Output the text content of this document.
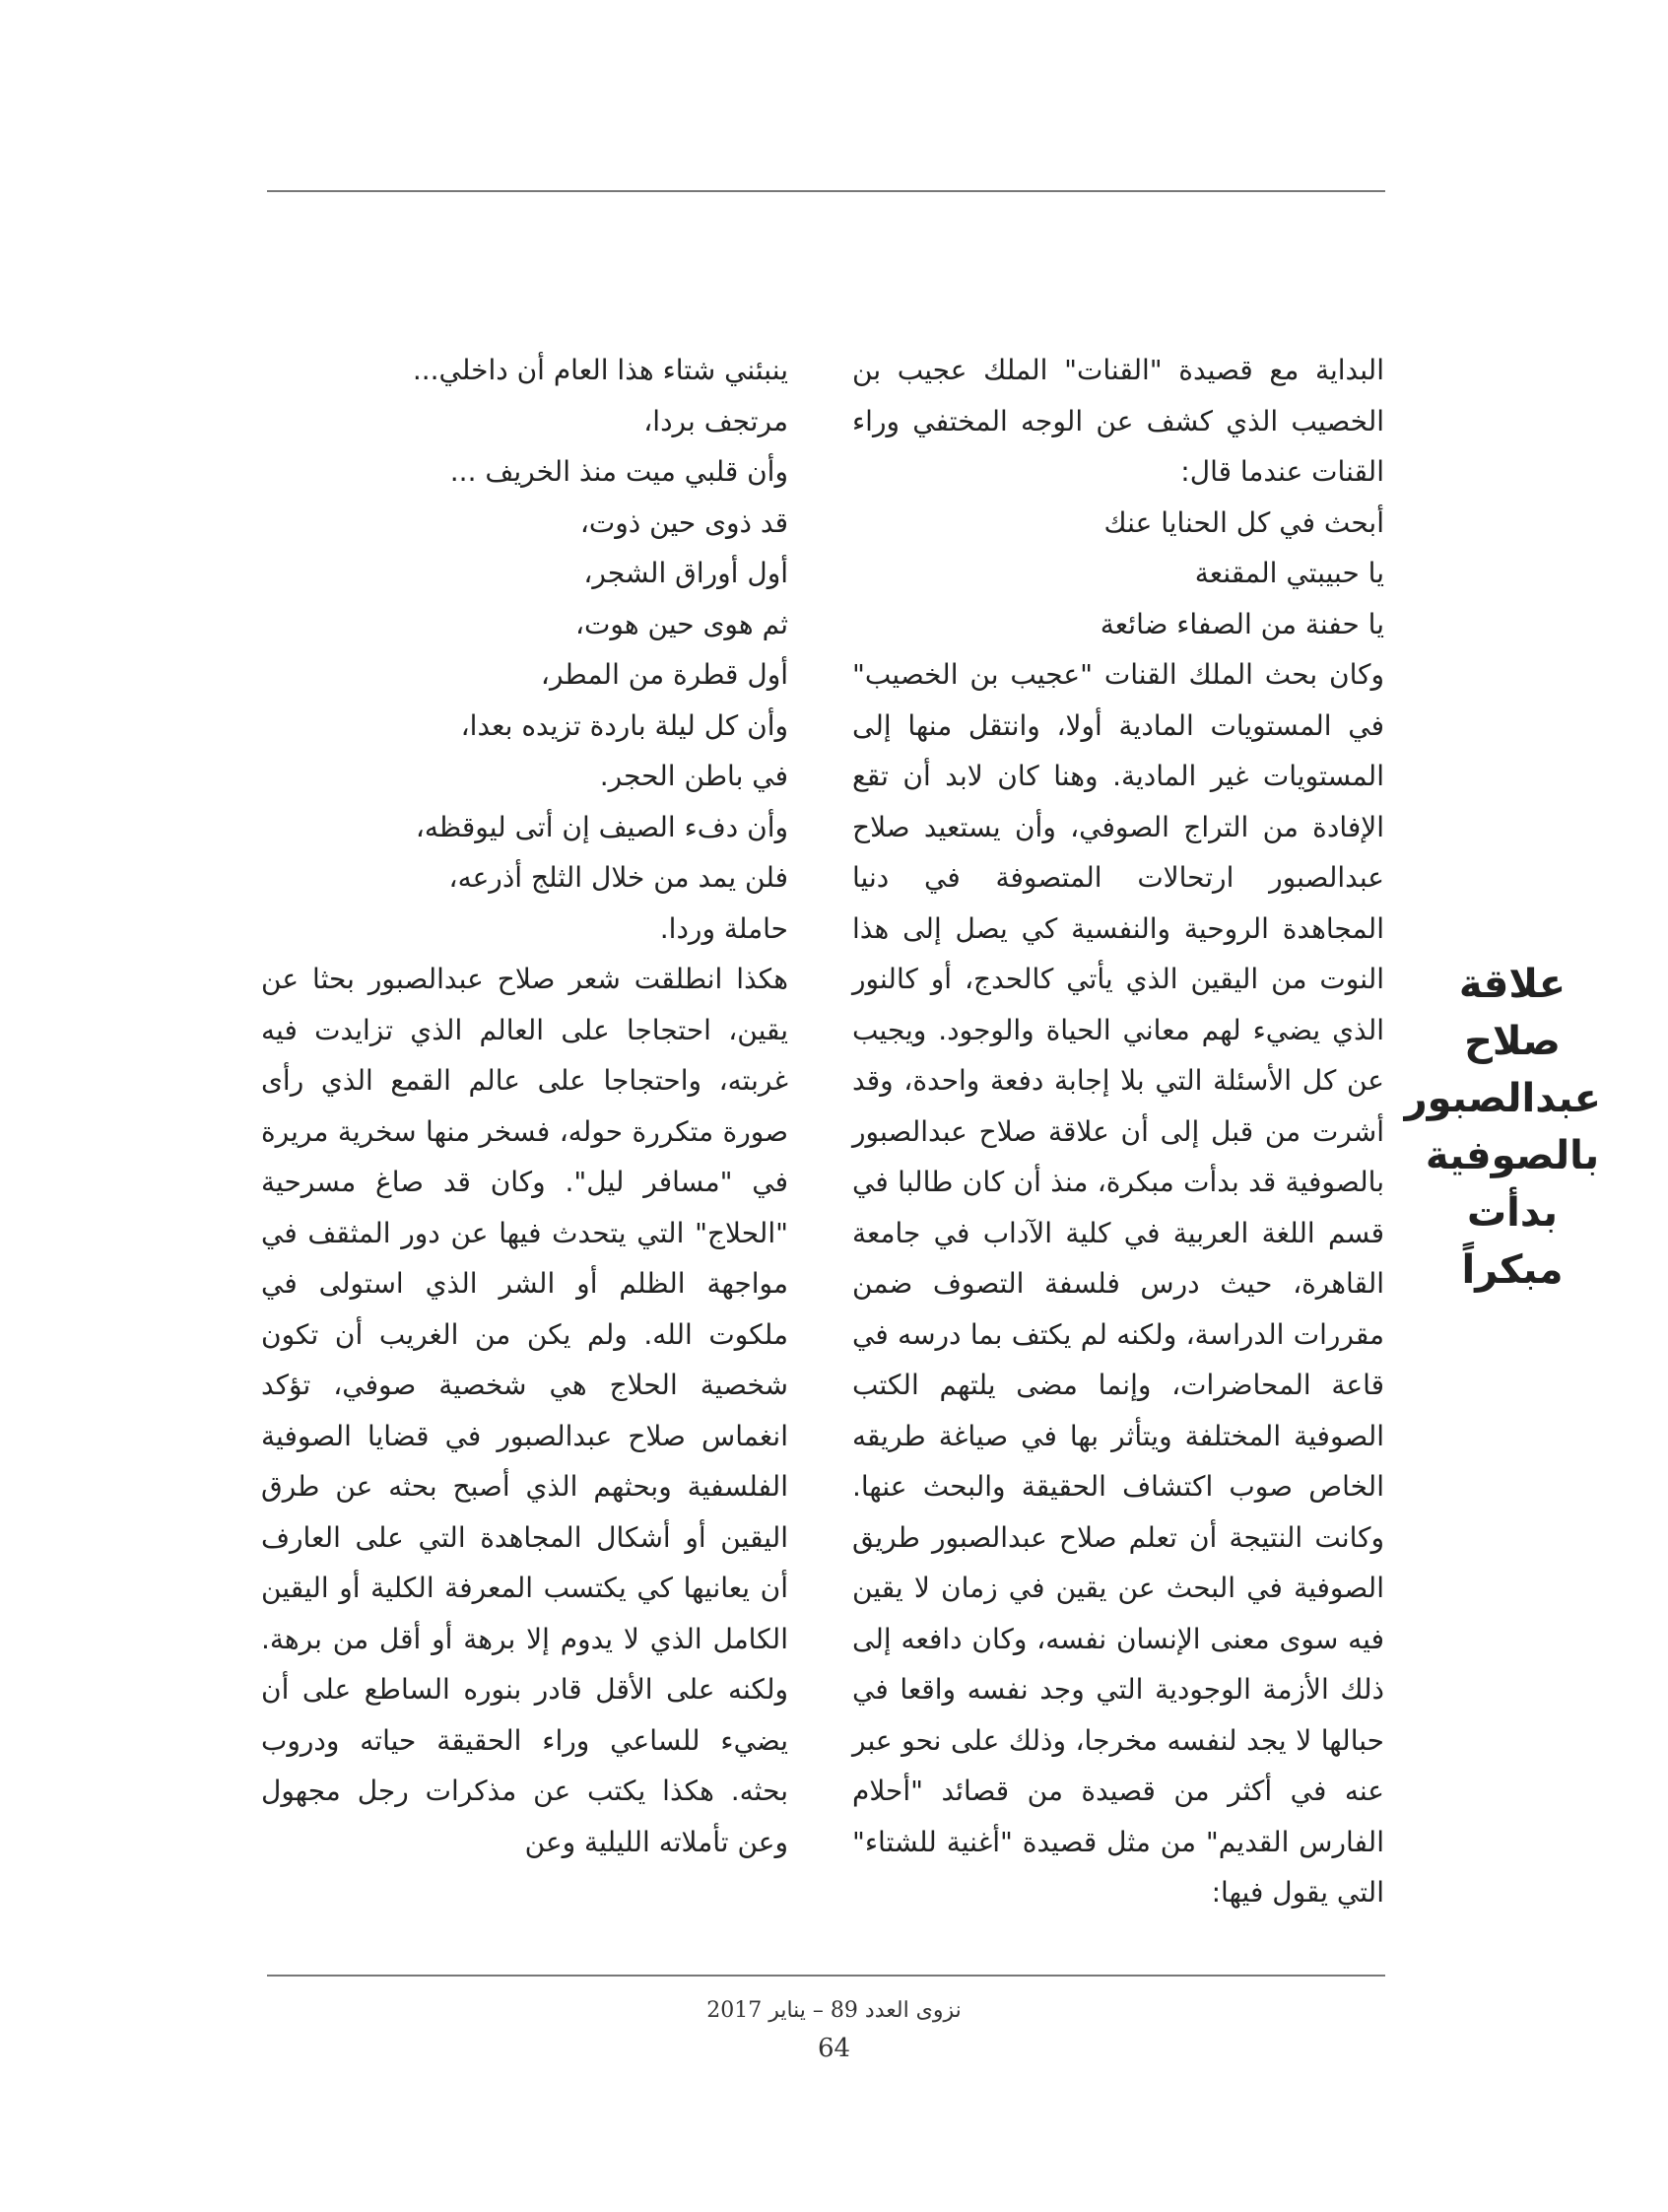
علاقة
صلاح
عبدالصبور
بالصوفية
بدأت
مبكراً

البداية مع قصيدة "القنات" الملك عجيب بن الخصيب الذي كشف عن الوجه المختفي وراء القنات عندما قال:

أبحث في كل الحنايا عنك

يا حبيبتي المقنعة

يا حفنة من الصفاء ضائعة

وكان بحث الملك القنات "عجيب بن الخصيب" في المستويات المادية أولا، وانتقل منها إلى المستويات غير المادية. وهنا كان لابد أن تقع الإفادة من التراج الصوفي، وأن يستعيد صلاح عبدالصبور ارتحالات المتصوفة في دنيا المجاهدة الروحية والنفسية كي يصل إلى هذا النوت من اليقين الذي يأتي كالحدج، أو كالنور الذي يضيء لهم معاني الحياة والوجود. ويجيب عن كل الأسئلة التي بلا إجابة دفعة واحدة، وقد أشرت من قبل إلى أن علاقة صلاح عبدالصبور بالصوفية قد بدأت مبكرة، منذ أن كان طالبا في قسم اللغة العربية في كلية الآداب في جامعة القاهرة، حيث درس فلسفة التصوف ضمن مقررات الدراسة، ولكنه لم يكتف بما درسه في قاعة المحاضرات، وإنما مضى يلتهم الكتب الصوفية المختلفة ويتأثر بها في صياغة طريقه الخاص صوب اكتشاف الحقيقة والبحث عنها. وكانت النتيجة أن تعلم صلاح عبدالصبور طريق الصوفية في البحث عن يقين في زمان لا يقين فيه سوى معنى الإنسان نفسه، وكان دافعه إلى ذلك الأزمة الوجودية التي وجد نفسه واقعا في حبالها لا يجد لنفسه مخرجا، وذلك على نحو عبر عنه في أكثر من قصيدة من قصائد "أحلام الفارس القديم" من مثل قصيدة "أغنية للشتاء" التي يقول فيها:

ينبئني شتاء هذا العام أن داخلي...

مرتجف بردا،

وأن قلبي ميت منذ الخريف ...

قد ذوى حين ذوت،

أول أوراق الشجر،

ثم هوى حين هوت،

أول قطرة من المطر،

وأن كل ليلة باردة تزيده بعدا،

في باطن الحجر.

وأن دفء الصيف إن أتى ليوقظه،

فلن يمد من خلال الثلج أذرعه،

حاملة وردا.

هكذا انطلقت شعر صلاح عبدالصبور بحثا عن يقين، احتجاجا على العالم الذي تزايدت فيه غربته، واحتجاجا على عالم القمع الذي رأى صورة متكررة حوله، فسخر منها سخرية مريرة في "مسافر ليل". وكان قد صاغ مسرحية "الحلاج" التي يتحدث فيها عن دور المثقف في مواجهة الظلم أو الشر الذي استولى في ملكوت الله. ولم يكن من الغريب أن تكون شخصية الحلاج هي شخصية صوفي، تؤكد انغماس صلاح عبدالصبور في قضايا الصوفية الفلسفية وبحثهم الذي أصبح بحثه عن طرق اليقين أو أشكال المجاهدة التي على العارف أن يعانيها كي يكتسب المعرفة الكلية أو اليقين الكامل الذي لا يدوم إلا برهة أو أقل من برهة. ولكنه على الأقل قادر بنوره الساطع على أن يضيء للساعي وراء الحقيقة حياته ودروب بحثه. هكذا يكتب عن مذكرات رجل مجهول وعن تأملاته الليلية وعن

نزوى العدد 89 – يناير 2017
64
